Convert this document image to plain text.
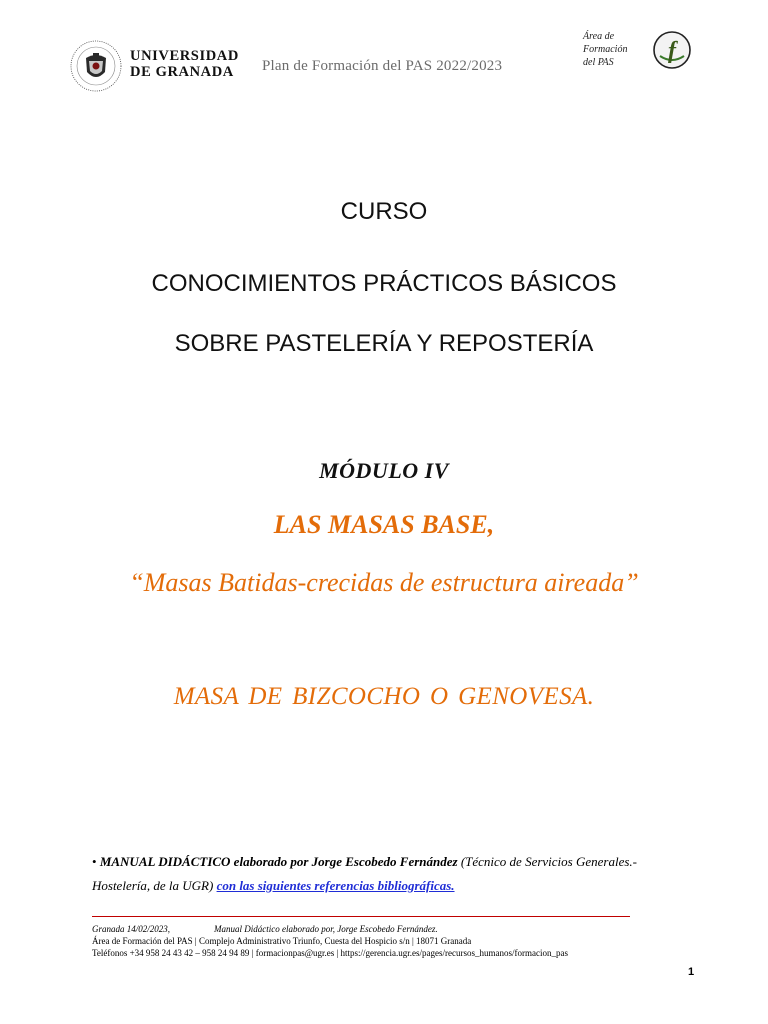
UNIVERSIDAD
DE GRANADA	Plan de Formación del PAS 2022/2023
Área de
Formación
del PAS	f
CURSO
CONOCIMIENTOS PRÁCTICOS BÁSICOS
SOBRE PASTELERÍA Y REPOSTERÍA
MÓDULO IV
LAS MASAS BASE,
“Masas Batidas-crecidas de estructura aireada”
MASA DE BIZCOCHO O GENOVESA.
• MANUAL DIDÁCTICO elaborado por Jorge Escobedo Fernández (Técnico de Servicios Generales.- Hostelería, de la UGR) con las siguientes referencias bibliográficas.
Granada 14/02/2023,	Manual Didáctico elaborado por, Jorge Escobedo Fernández.
Área de Formación del PAS | Complejo Administrativo Triunfo, Cuesta del Hospicio s/n | 18071 Granada
Teléfonos +34 958 24 43 42 – 958 24 94 89 | formacionpas@ugr.es | https://gerencia.ugr.es/pages/recursos_humanos/formacion_pas
1
